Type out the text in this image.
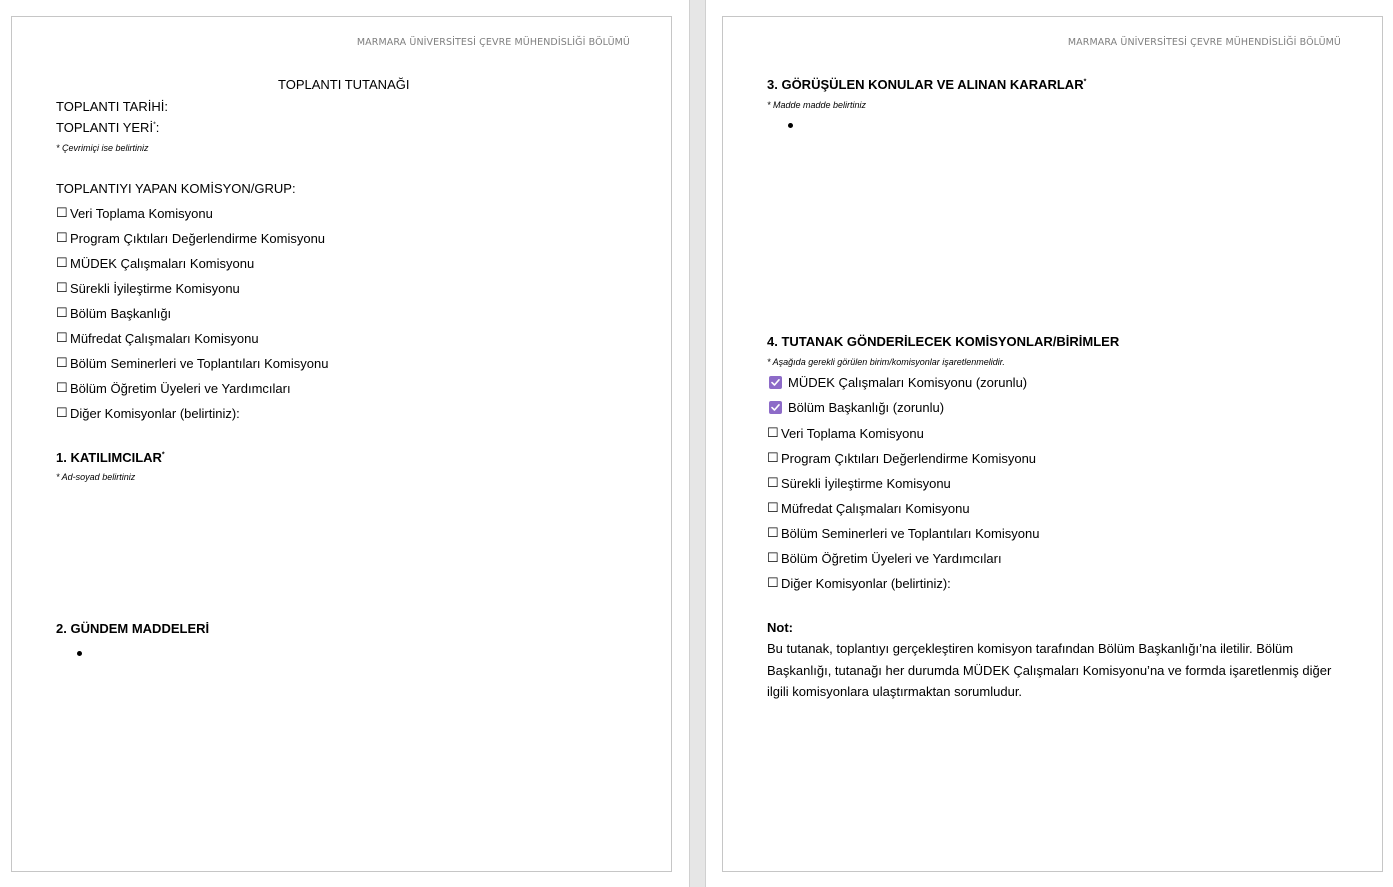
MARMARA ÜNİVERSİTESİ ÇEVRE MÜHENDİSLİĞİ BÖLÜMÜ
TOPLANTI TUTANAĞI
TOPLANTI TARİHİ:
TOPLANTI YERİ*:
* Çevrimiçi ise belirtiniz
TOPLANTIYI YAPAN KOMİSYON/GRUP:
☐ Veri Toplama Komisyonu
☐ Program Çıktıları Değerlendirme Komisyonu
☐ MÜDEK Çalışmaları Komisyonu
☐ Sürekli İyileştirme Komisyonu
☐ Bölüm Başkanlığı
☐ Müfredat Çalışmaları Komisyonu
☐ Bölüm Seminerleri ve Toplantıları Komisyonu
☐ Bölüm Öğretim Üyeleri ve Yardımcıları
☐ Diğer Komisyonlar (belirtiniz):
1. KATILIMCILAR*
* Ad-soyad belirtiniz
2. GÜNDEM MADDELERİ
MARMARA ÜNİVERSİTESİ ÇEVRE MÜHENDİSLİĞİ BÖLÜMÜ
3. GÖRÜŞÜLEN KONULAR VE ALINAN KARARLAR*
* Madde madde belirtiniz
4. TUTANAK GÖNDERİLECEK KOMİSYONLAR/BİRİMLER
* Aşağıda gerekli görülen birim/komisyonlar işaretlenmelidir.
MÜDEK Çalışmaları Komisyonu (zorunlu)
Bölüm Başkanlığı (zorunlu)
☐ Veri Toplama Komisyonu
☐ Program Çıktıları Değerlendirme Komisyonu
☐ Sürekli İyileştirme Komisyonu
☐ Müfredat Çalışmaları Komisyonu
☐ Bölüm Seminerleri ve Toplantıları Komisyonu
☐ Bölüm Öğretim Üyeleri ve Yardımcıları
☐ Diğer Komisyonlar (belirtiniz):
Not:
Bu tutanak, toplantıyı gerçekleştiren komisyon tarafından Bölüm Başkanlığı’na iletilir. Bölüm Başkanlığı, tutanağı her durumda MÜDEK Çalışmaları Komisyonu’na ve formda işaretlenmiş diğer ilgili komisyonlara ulaştırmaktan sorumludur.
